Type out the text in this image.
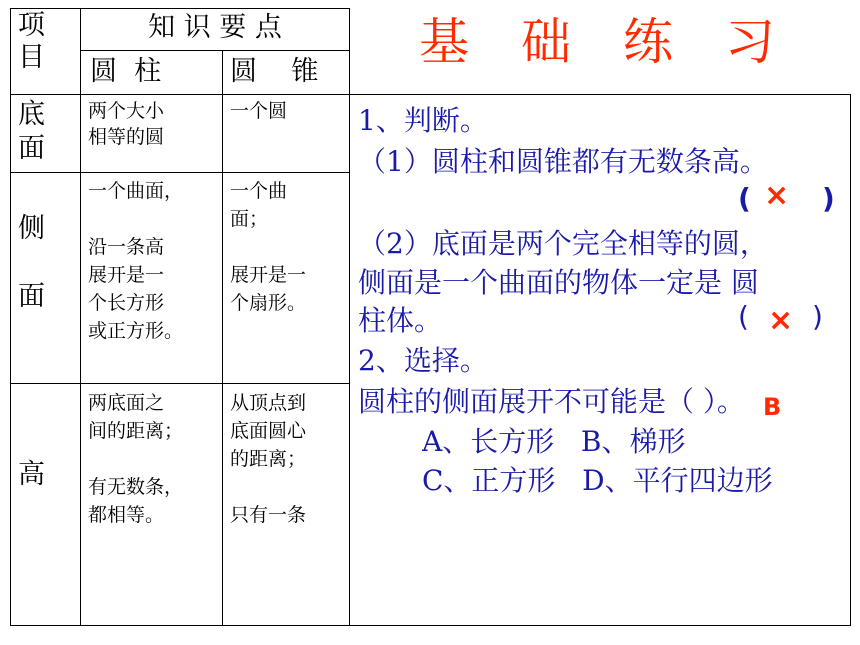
项
目
知 识 要 点
圆  柱	圆    锥
底
面
两个大小
相等的圆
一个圆
侧

面
一个曲面，

沿一条高
展开是一
个长方形
或正方形。
一个曲
面；

展开是一
个扇形。
高
两底面之
间的距离；

有无数条，
都相等。
从顶点到
底面圆心
的距离；

只有一条
基 础 练 习
1、判断。
（1）圆柱和圆锥都有无数条高。
( × )
（2）底面是两个完全相等的圆，
侧面是一个曲面的物体一定是 圆
柱体。	( × )
2、选择。
圆柱的侧面展开不可能是（ ）。 B
A、长方形   B、梯形
C、正方形   D、平行四边形
